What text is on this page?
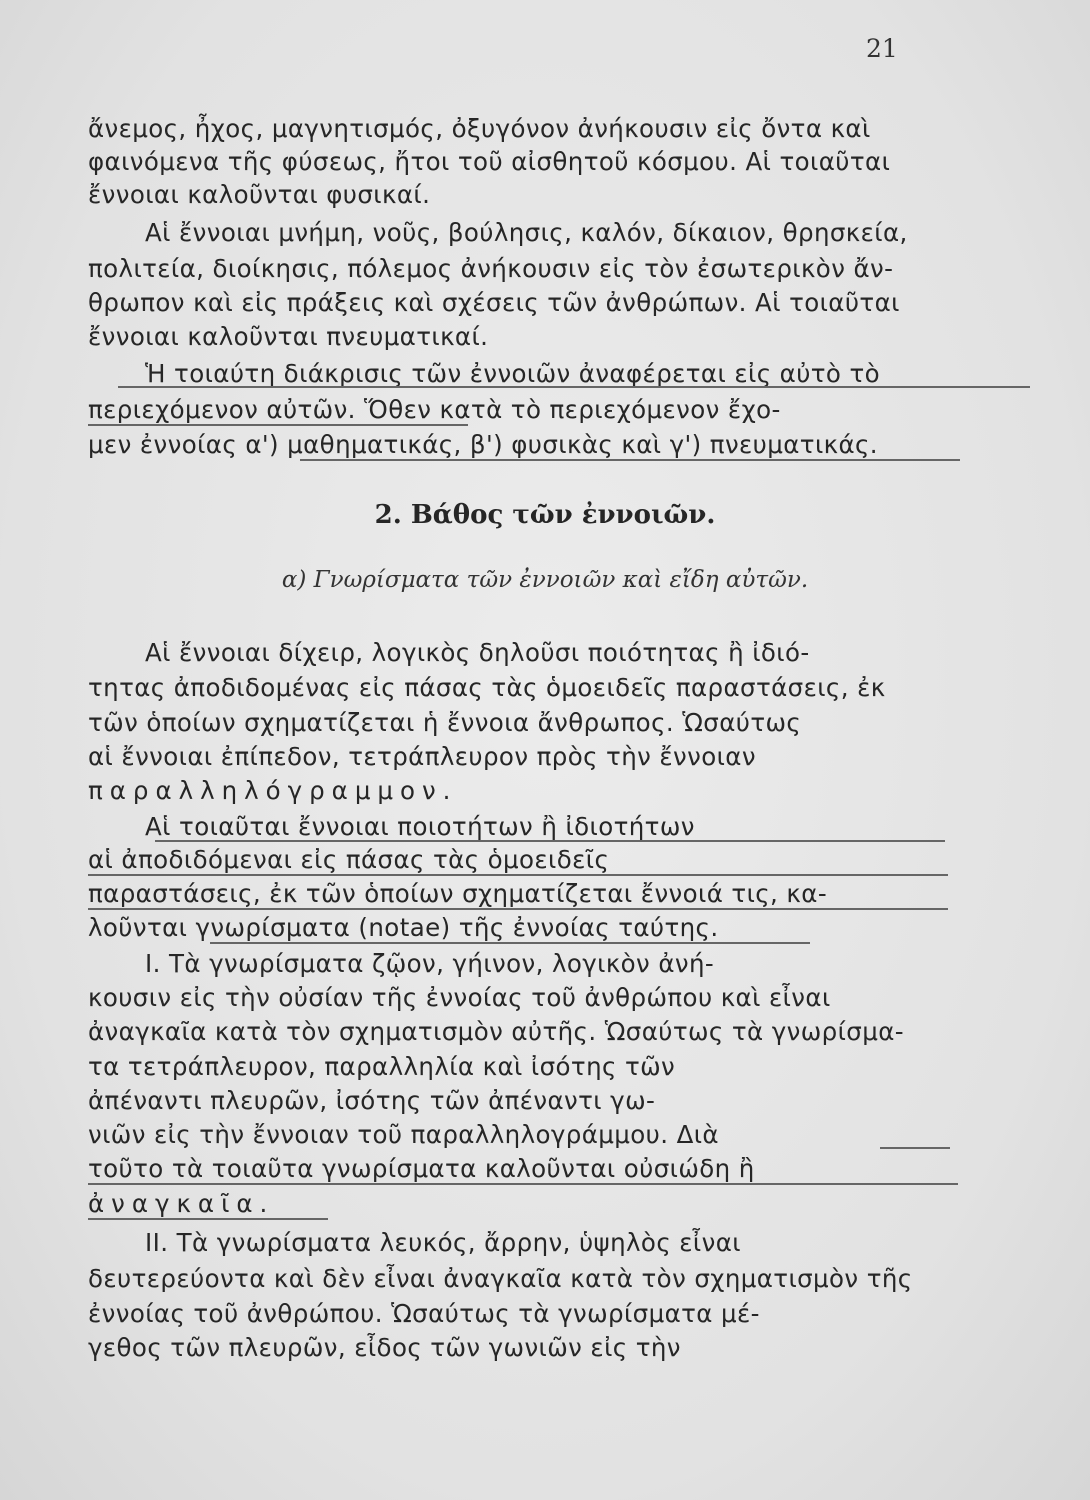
21
ἄνεμος, ἦχος, μαγνητισμός, ὀξυγόνον ἀνήκουσιν εἰς ὄντα καὶ
φαινόμενα τῆς φύσεως, ἤτοι τοῦ αἰσθητοῦ κόσμου. Αἱ τοιαῦται
ἔννοιαι καλοῦνται φυσικαί.
Αἱ ἔννοιαι μνήμη, νοῦς, βούλησις, καλόν, δίκαιον, θρησκεία,
πολιτεία, διοίκησις, πόλεμος ἀνήκουσιν εἰς τὸν ἐσωτερικὸν ἄν-
θρωπον καὶ εἰς πράξεις καὶ σχέσεις τῶν ἀνθρώπων. Αἱ τοιαῦται
ἔννοιαι καλοῦνται πνευματικαί.
Ἡ τοιαύτη διάκρισις τῶν ἐννοιῶν ἀναφέρεται εἰς αὐτὸ τὸ
περιεχόμενον αὐτῶν. Ὅθεν κατὰ τὸ περιεχόμενον ἔχο-
μεν ἐννοίας α') μαθηματικάς, β') φυσικὰς καὶ γ') πνευματικάς.
2. Βάθος τῶν ἐννοιῶν.
α) Γνωρίσματα τῶν ἐννοιῶν καὶ εἴδη αὐτῶν.
Αἱ ἔννοιαι δίχειρ, λογικὸς δηλοῦσι ποιότητας ἢ ἰδιό-
τητας ἀποδιδομένας εἰς πάσας τὰς ὁμοειδεῖς παραστάσεις, ἐκ
τῶν ὁποίων σχηματίζεται ἡ ἔννοια ἄνθρωπος. Ὡσαύτως
αἱ ἔννοιαι ἐπίπεδον, τετράπλευρον πρὸς τὴν ἔννοιαν
παραλληλόγραμμον.
Αἱ τοιαῦται ἔννοιαι ποιοτήτων ἢ ἰδιοτήτων
αἱ ἀποδιδόμεναι εἰς πάσας τὰς ὁμοειδεῖς
παραστάσεις, ἐκ τῶν ὁποίων σχηματίζεται ἔννοιά τις, κα-
λοῦνται γνωρίσματα (notae) τῆς ἐννοίας ταύτης.
I. Τὰ γνωρίσματα ζῷον, γήινον, λογικὸν ἀνή-
κουσιν εἰς τὴν οὐσίαν τῆς ἐννοίας τοῦ ἀνθρώπου καὶ εἶναι
ἀναγκαῖα κατὰ τὸν σχηματισμὸν αὐτῆς. Ὡσαύτως τὰ γνωρίσμα-
τα τετράπλευρον, παραλληλία καὶ ἰσότης τῶν
ἀπέναντι πλευρῶν, ἰσότης τῶν ἀπέναντι γω-
νιῶν εἰς τὴν ἔννοιαν τοῦ παραλληλογράμμου. Διὰ
τοῦτο τὰ τοιαῦτα γνωρίσματα καλοῦνται οὐσιώδη ἢ
ἀναγκαῖα.
II. Τὰ γνωρίσματα λευκός, ἄρρην, ὑψηλὸς εἶναι
δευτερεύοντα καὶ δὲν εἶναι ἀναγκαῖα κατὰ τὸν σχηματισμὸν τῆς
ἐννοίας τοῦ ἀνθρώπου. Ὡσαύτως τὰ γνωρίσματα μέ-
γεθος τῶν πλευρῶν, εἶδος τῶν γωνιῶν εἰς τὴν
